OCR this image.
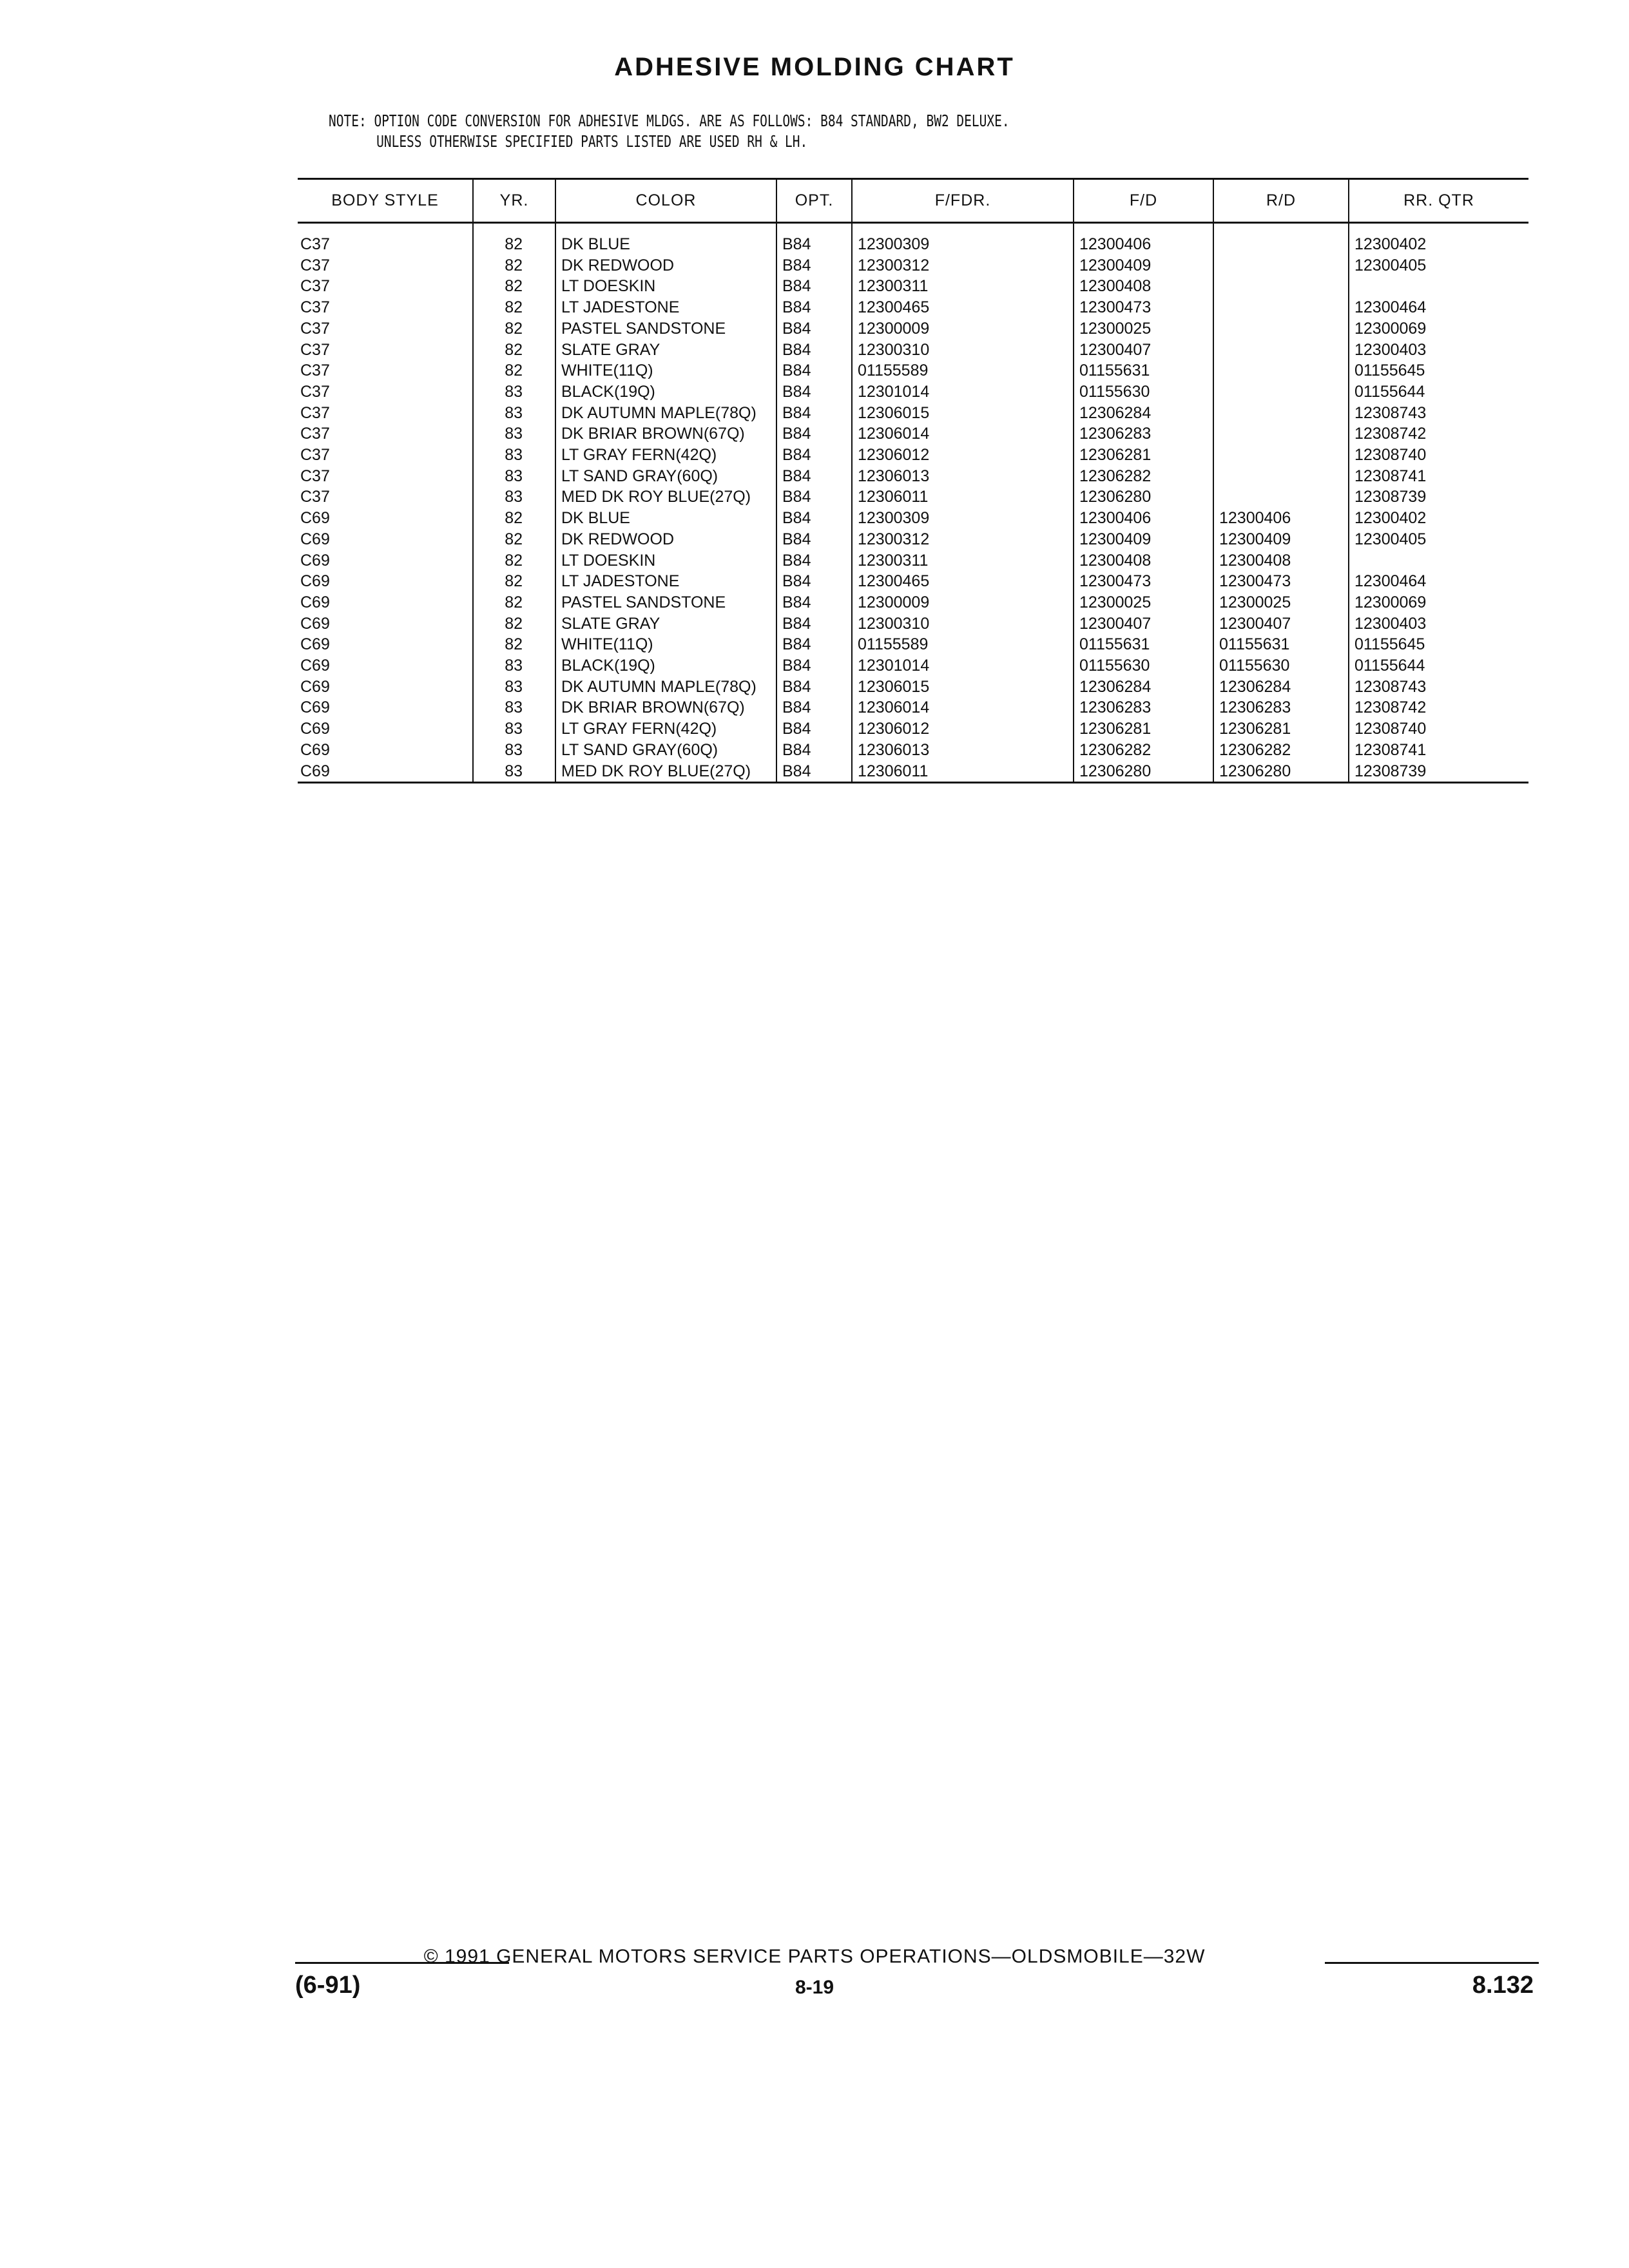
ADHESIVE MOLDING CHART
NOTE: OPTION CODE CONVERSION FOR ADHESIVE MLDGS. ARE AS FOLLOWS: B84 STANDARD, BW2 DELUXE.
UNLESS OTHERWISE SPECIFIED PARTS LISTED ARE USED RH & LH.
BODY STYLE	YR.	COLOR	OPT.	F/FDR.	F/D	R/D	RR. QTR
C37	82	DK BLUE	B84	12300309	12300406		12300402
C37	82	DK REDWOOD	B84	12300312	12300409		12300405
C37	82	LT DOESKIN	B84	12300311	12300408		
C37	82	LT JADESTONE	B84	12300465	12300473		12300464
C37	82	PASTEL SANDSTONE	B84	12300009	12300025		12300069
C37	82	SLATE GRAY	B84	12300310	12300407		12300403
C37	82	WHITE(11Q)	B84	01155589	01155631		01155645
C37	83	BLACK(19Q)	B84	12301014	01155630		01155644
C37	83	DK AUTUMN MAPLE(78Q)	B84	12306015	12306284		12308743
C37	83	DK BRIAR BROWN(67Q)	B84	12306014	12306283		12308742
C37	83	LT GRAY FERN(42Q)	B84	12306012	12306281		12308740
C37	83	LT SAND GRAY(60Q)	B84	12306013	12306282		12308741
C37	83	MED DK ROY BLUE(27Q)	B84	12306011	12306280		12308739
C69	82	DK BLUE	B84	12300309	12300406	12300406	12300402
C69	82	DK REDWOOD	B84	12300312	12300409	12300409	12300405
C69	82	LT DOESKIN	B84	12300311	12300408	12300408	
C69	82	LT JADESTONE	B84	12300465	12300473	12300473	12300464
C69	82	PASTEL SANDSTONE	B84	12300009	12300025	12300025	12300069
C69	82	SLATE GRAY	B84	12300310	12300407	12300407	12300403
C69	82	WHITE(11Q)	B84	01155589	01155631	01155631	01155645
C69	83	BLACK(19Q)	B84	12301014	01155630	01155630	01155644
C69	83	DK AUTUMN MAPLE(78Q)	B84	12306015	12306284	12306284	12308743
C69	83	DK BRIAR BROWN(67Q)	B84	12306014	12306283	12306283	12308742
C69	83	LT GRAY FERN(42Q)	B84	12306012	12306281	12306281	12308740
C69	83	LT SAND GRAY(60Q)	B84	12306013	12306282	12306282	12308741
C69	83	MED DK ROY BLUE(27Q)	B84	12306011	12306280	12306280	12308739
© 1991 GENERAL MOTORS SERVICE PARTS OPERATIONS—OLDSMOBILE—32W
(6-91)	8-19	8.132
